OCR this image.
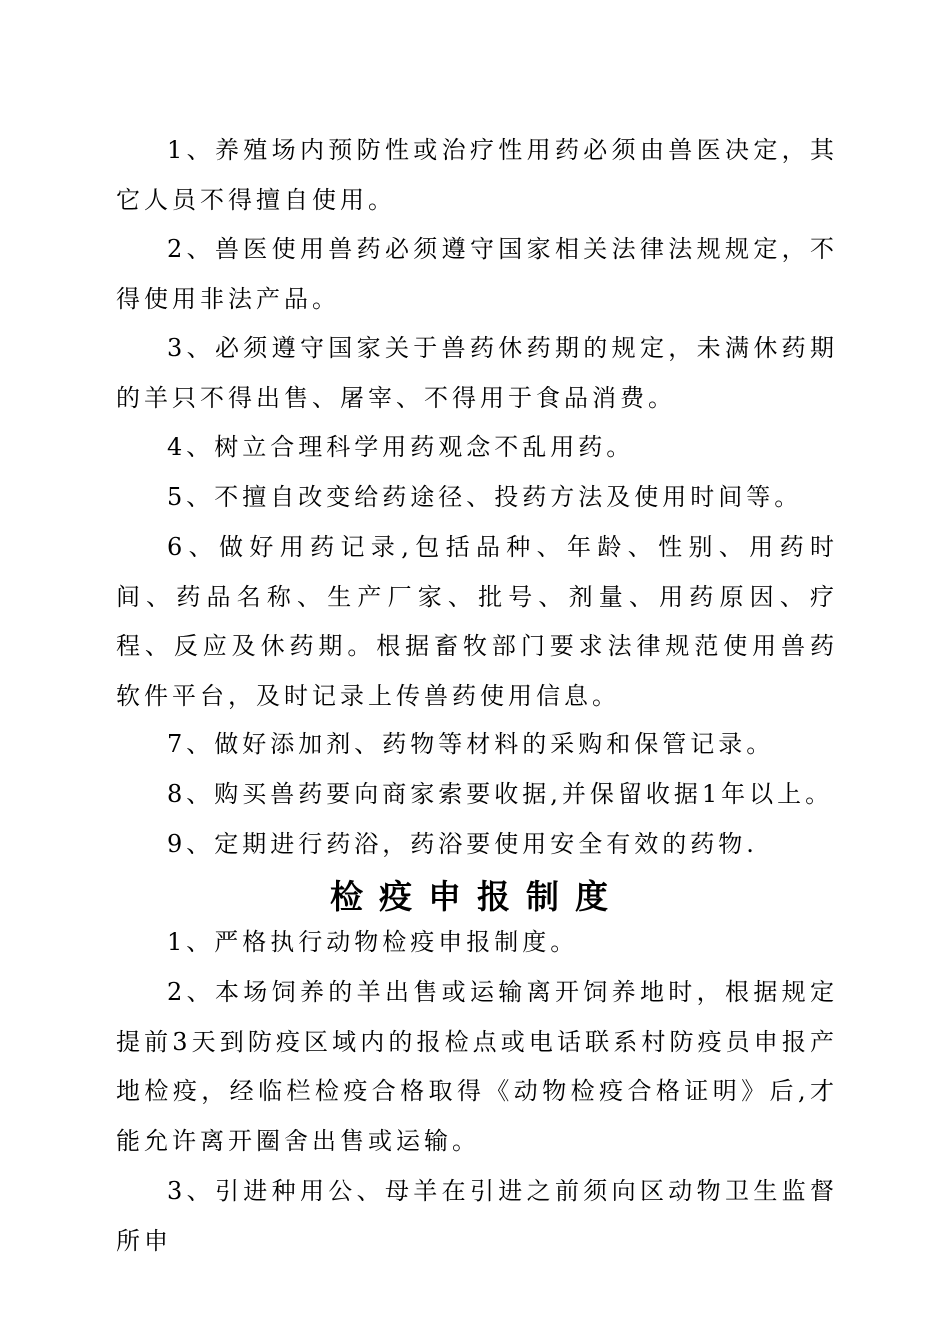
1、养殖场内预防性或治疗性用药必须由兽医决定，其它人员不得擅自使用。

2、兽医使用兽药必须遵守国家相关法律法规规定，不得使用非法产品。

3、必须遵守国家关于兽药休药期的规定，未满休药期的羊只不得出售、屠宰、不得用于食品消费。

4、树立合理科学用药观念不乱用药。

5、不擅自改变给药途径、投药方法及使用时间等。

6、做好用药记录,包括品种、年龄、性别、用药时间、药品名称、生产厂家、批号、剂量、用药原因、疗程、反应及休药期。根据畜牧部门要求法律规范使用兽药软件平台，及时记录上传兽药使用信息。

7、做好添加剂、药物等材料的采购和保管记录。

8、购买兽药要向商家索要收据,并保留收据1年以上。

9、定期进行药浴，药浴要使用安全有效的药物.

检疫申报制度

1、严格执行动物检疫申报制度。

2、本场饲养的羊出售或运输离开饲养地时，根据规定提前3天到防疫区域内的报检点或电话联系村防疫员申报产地检疫，经临栏检疫合格取得《动物检疫合格证明》后,才能允许离开圈舍出售或运输。

3、引进种用公、母羊在引进之前须向区动物卫生监督所申
